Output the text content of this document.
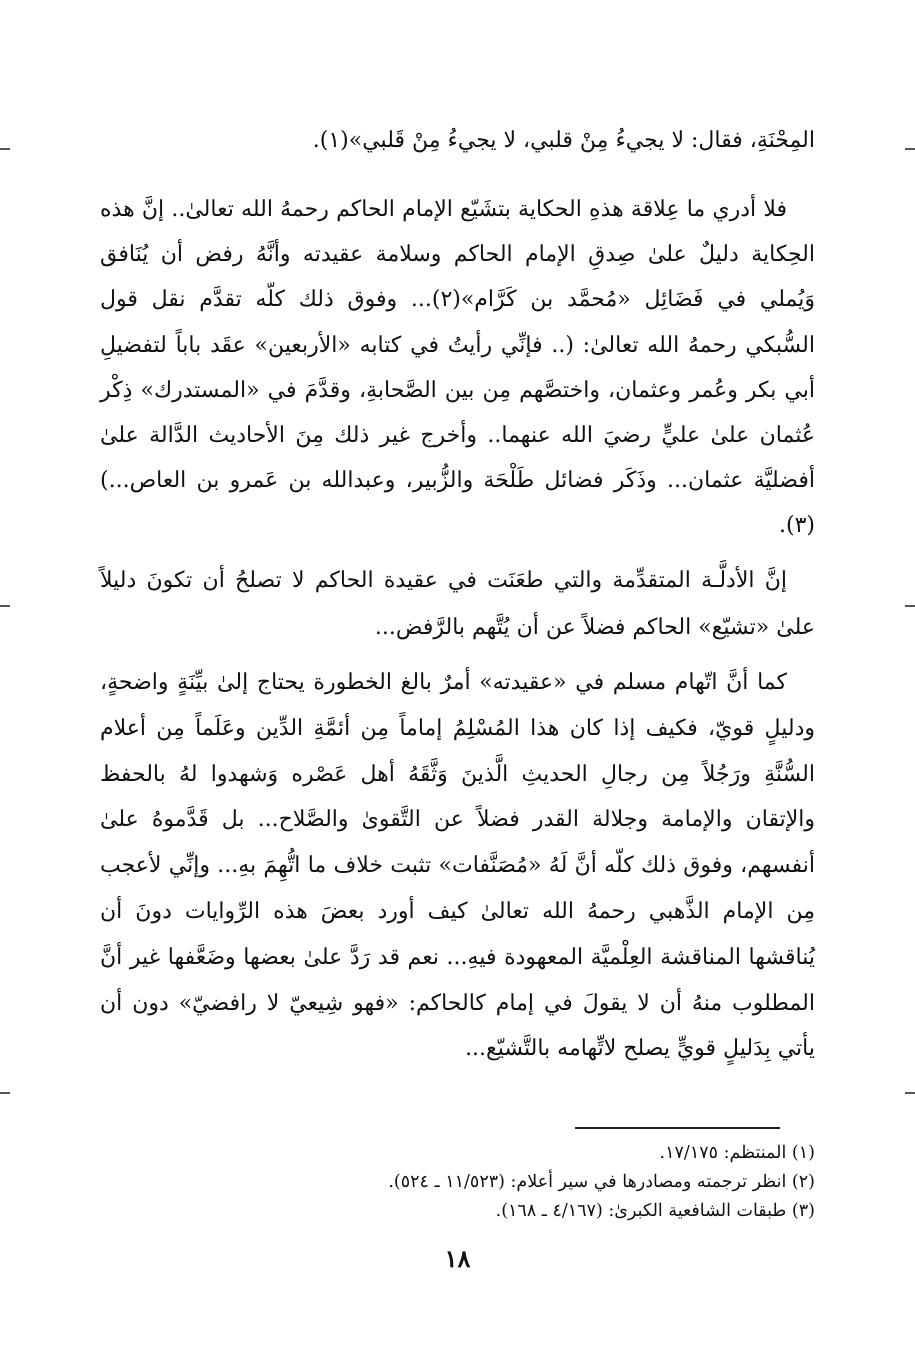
المِحْنَةِ، فقال: لا يجيءُ مِنْ قلبي، لا يجيءُ مِنْ قَلبي»(١).

فلا أدري ما عِلاقة هذهِ الحكاية بتشَيّع الإمام الحاكم رحمهُ الله تعالىٰ.. إنَّ هذه الحِكاية دليلٌ علىٰ صِدقِ الإمام الحاكم وسلامة عقيدته وأنَّهُ رفض أن يُنَافق وَيُملي في فَضَائِل «مُحمَّد بن كَرَّام»(٢)... وفوق ذلك كلّه تقدَّم نقل قول السُّبكي رحمهُ الله تعالىٰ: (.. فإنِّي رأيتُ في كتابه «الأربعين» عقَد باباً لتفضيلِ أبي بكر وعُمر وعثمان، واختصَّهم مِن بين الصَّحابةِ، وقدَّمَ في «المستدرك» ذِكْر عُثمان علىٰ عليٍّ رضيَ الله عنهما.. وأخرج غير ذلك مِنَ الأحاديث الدَّالة علىٰ أفضليَّة عثمان... وذَكَر فضائل طَلْحَة والزُّبير، وعبدالله بن عَمرو بن العاص...)(٣).

إنَّ الأدلَّـة المتقدِّمة والتي طعَنَت في عقيدة الحاكم لا تصلحُ أن تكونَ دليلاً علىٰ «تشيّع» الحاكم فضلاً عن أن يُتَّهم بالرَّفض...

كما أنَّ اتّهام مسلم في «عقيدته» أمرٌ بالغ الخطورة يحتاج إلىٰ بيِّنَةٍ واضحةٍ، ودليلٍ قويّ، فكيف إذا كان هذا المُسْلِمُ إماماً مِن أئمَّةِ الدِّين وعَلَماً مِن أعلام السُّنَّةِ ورَجُلاً مِن رجالِ الحديثِ الَّذينَ وَثَّقَهُ أهل عَصْره وَشهدوا لهُ بالحفظ والإتقان والإمامة وجلالة القدر فضلاً عن التَّقوىٰ والصَّلاح... بل قَدَّموهُ علىٰ أنفسهم، وفوق ذلك كلّه أنَّ لَهُ «مُصَنَّفات» تثبت خلاف ما اتُّهِمَ بهِ... وإنِّي لأعجب مِن الإمام الذَّهبي رحمهُ الله تعالىٰ كيف أورد بعضَ هذه الرِّوايات دونَ أن يُناقشها المناقشة العِلْميَّة المعهودة فيهِ... نعم قد رَدَّ علىٰ بعضها وضَعَّفها غير أنَّ المطلوب منهُ أن لا يقولَ في إمام كالحاكم: «فهو شِيعيّ لا رافضيّ» دون أن يأتي بِدَليلٍ قويٍّ يصلح لاتِّهامه بالتَّشيّع...

(١) المنتظم: ١٧/١٧٥.

(٢) انظر ترجمته ومصادرها في سير أعلام: (١١/٥٢٣ ـ ٥٢٤).

(٣) طبقات الشافعية الكبرىٰ: (٤/١٦٧ ـ ١٦٨).

١٨
